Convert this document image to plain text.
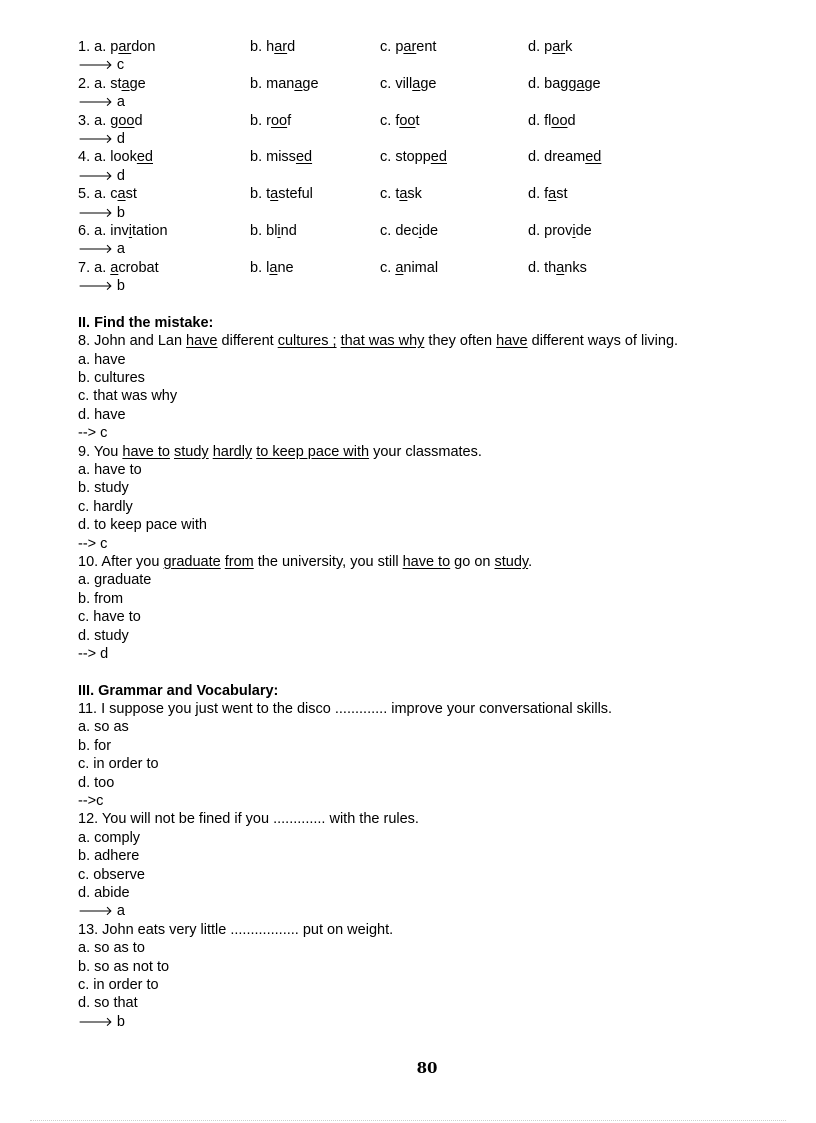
1. a. pardon	b. hard	c. parent	d. park
🡒 c
2. a. stage	b. manage	c. village	d. baggage
🡒 a
3. a. good	b. roof	c. foot	d. flood
🡒 d
4. a. looked	b. missed	c. stopped	d. dreamed
🡒 d
5. a. cast	b. tasteful	c. task	d. fast
🡒 b
6. a. invitation	b. blind	c. decide	d. provide
🡒 a
7. a. acrobat	b. lane	c. animal	d. thanks
🡒 b
II. Find the mistake:
8. John and Lan have different cultures ; that was why they often have different ways of living.
a. have
b. cultures
c. that was why
d. have
--> c
9. You have to study hardly to keep pace with your classmates.
a. have to
b. study
c. hardly
d. to keep pace with
--> c
10. After you graduate from the university, you still have to go on study.
a. graduate
b. from
c. have to
d. study
--> d
III. Grammar and Vocabulary:
11. I suppose you just went to the disco ............. improve your conversational skills.
a. so as
b. for
c. in order to
d. too
-->c
12. You will not be fined if you ............. with the rules.
a. comply
b. adhere
c. observe
d. abide
🡒 a
13. John eats very little ................. put on weight.
a. so as to
b. so as not to
c. in order to
d. so that
🡒 b
80
